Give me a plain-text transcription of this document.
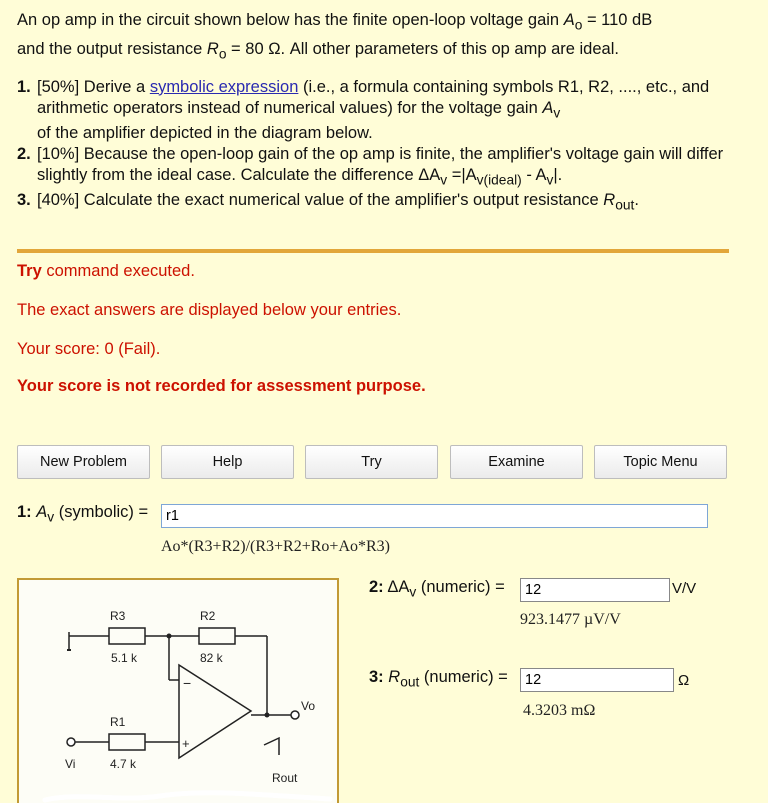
An op amp in the circuit shown below has the finite open-loop voltage gain $A_o = 110$ dB

and the output resistance $R_o = 80$ Ω. All other parameters of this op amp are ideal.

1. [50%] Derive a symbolic expression (i.e., a formula containing symbols R1, R2, ...., etc., and arithmetic operators instead of numerical values) for the voltage gain $A_v$
of the amplifier depicted in the diagram below.
2. [10%] Because the open-loop gain of the op amp is finite, the amplifier's voltage gain will differ slightly from the ideal case. Calculate the difference $\Delta A_v =|A_{v(ideal)} - A_v|$.
3. [40%] Calculate the exact numerical value of the amplifier's output resistance $R_{out}$.
Try command executed.
The exact answers are displayed below your entries.
Your score: 0 (Fail).
Your score is not recorded for assessment purpose.
New Problem	Help	Try	Examine	Topic Menu
1: $A_v$ (symbolic) =
r1
Ao*(R3+R2)/(R3+R2+Ro+Ao*R3)
2: $\Delta A_v$ (numeric) =
12	V/V
923.1477 µV/V
3: $R_{out}$ (numeric) =
12	Ω
4.3203 mΩ
R3
5.1 k
R2
82 k
R1
4.7 k
Vi
Vo
Rout
−
+
